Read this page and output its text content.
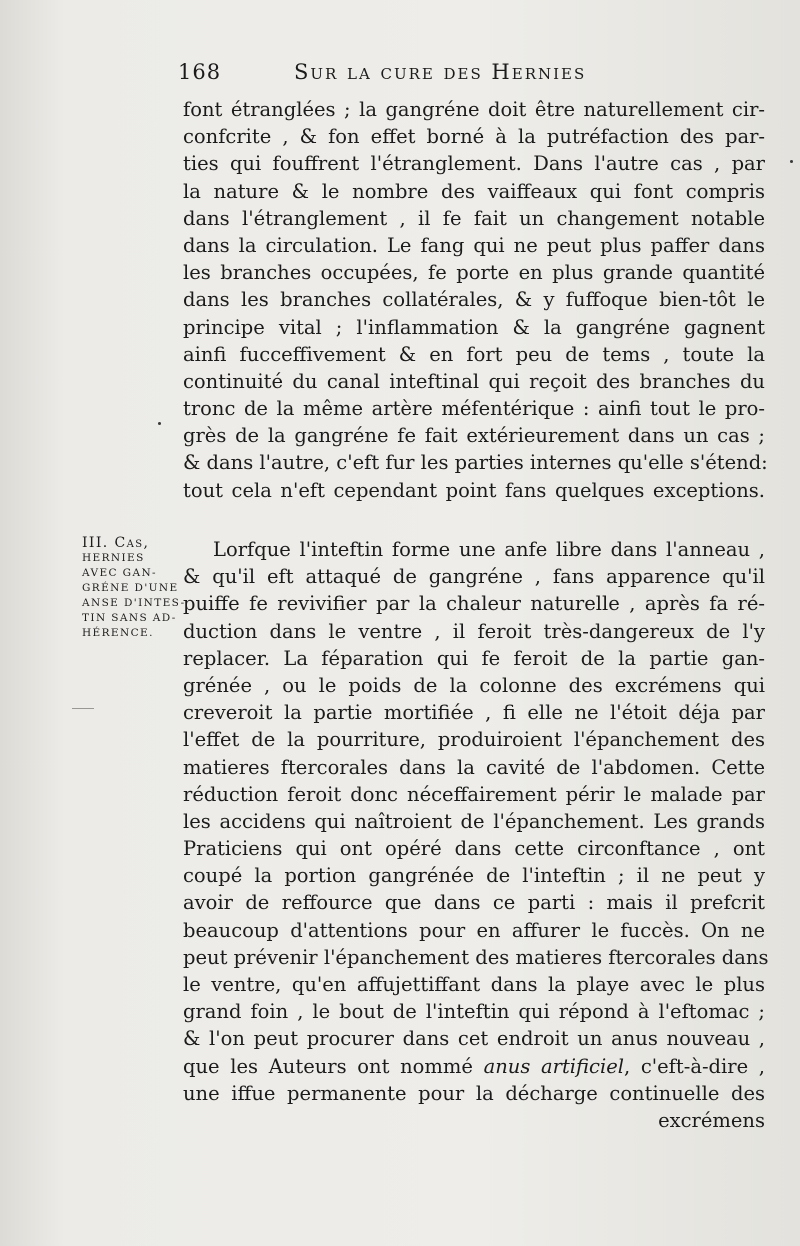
168	Sur la cure des Hernies
font étranglées ; la gangréne doit être naturellement cir-
confcrite , & fon effet borné à la putréfaction des par-
ties qui fouffrent l'étranglement. Dans l'autre cas , par
la nature & le nombre des vaiffeaux qui font compris
dans l'étranglement , il fe fait un changement notable
dans la circulation. Le fang qui ne peut plus paffer dans
les branches occupées, fe porte en plus grande quantité
dans les branches collatérales, & y fuffoque bien-tôt le
principe vital ; l'inflammation & la gangréne gagnent
ainfi fucceffivement & en fort peu de tems , toute la
continuité du canal inteftinal qui reçoit des branches du
tronc de la même artère méfentérique : ainfi tout le pro-
grès de la gangréne fe fait extérieurement dans un cas ;
& dans l'autre, c'eft fur les parties internes qu'elle s'étend:
tout cela n'eft cependant point fans quelques exceptions.
III. Cas,
HERNIES
AVEC GAN-
GRÉNE D'UNE
ANSE D'INTES-
TIN SANS AD-
HÉRENCE.
Lorfque l'inteftin forme une anfe libre dans l'anneau ,
& qu'il eft attaqué de gangréne , fans apparence qu'il
puiffe fe revivifier par la chaleur naturelle , après fa ré-
duction dans le ventre , il feroit très-dangereux de l'y
replacer. La féparation qui fe feroit de la partie gan-
grénée , ou le poids de la colonne des excrémens qui
creveroit la partie mortifiée , fi elle ne l'étoit déja par
l'effet de la pourriture, produiroient l'épanchement des
matieres ftercorales dans la cavité de l'abdomen. Cette
réduction feroit donc néceffairement périr le malade par
les accidens qui naîtroient de l'épanchement. Les grands
Praticiens qui ont opéré dans cette circonftance , ont
coupé la portion gangrénée de l'inteftin ; il ne peut y
avoir de reffource que dans ce parti : mais il prefcrit
beaucoup d'attentions pour en affurer le fuccès. On ne
peut prévenir l'épanchement des matieres ftercorales dans
le ventre, qu'en affujettiffant dans la playe avec le plus
grand foin , le bout de l'inteftin qui répond à l'eftomac ;
& l'on peut procurer dans cet endroit un anus nouveau ,
que les Auteurs ont nommé anus artificiel, c'eft-à-dire ,
une iffue permanente pour la décharge continuelle des
excrémens
